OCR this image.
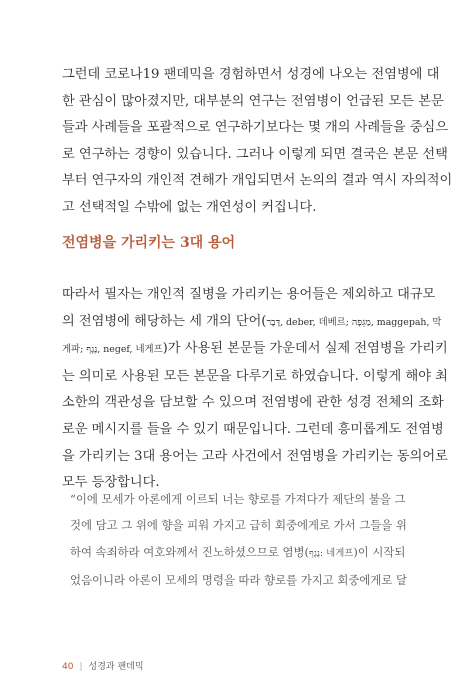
그런데 코로나19 팬데믹을 경험하면서 성경에 나오는 전염병에 대
한 관심이 많아졌지만, 대부분의 연구는 전염병이 언급된 모든 본문
들과 사례들을 포괄적으로 연구하기보다는 몇 개의 사례들을 중심으
로 연구하는 경향이 있습니다. 그러나 이렇게 되면 결국은 본문 선택
부터 연구자의 개인적 견해가 개입되면서 논의의 결과 역시 자의적이
고 선택적일 수밖에 없는 개연성이 커집니다.
전염병을 가리키는 3대 용어
따라서 필자는 개인적 질병을 가리키는 용어들은 제외하고 대규모
의 전염병에 해당하는 세 개의 단어(דֶּבֶר, deber, 데베르; מַגֵּפָה, maggepah, 막
게파; נֶגֶף, negef, 네게프)가 사용된 본문들 가운데서 실제 전염병을 가리키
는 의미로 사용된 모든 본문을 다루기로 하였습니다. 이렇게 해야 최
소한의 객관성을 담보할 수 있으며 전염병에 관한 성경 전체의 조화
로운 메시지를 들을 수 있기 때문입니다. 그런데 흥미롭게도 전염병
을 가리키는 3대 용어는 고라 사건에서 전염병을 가리키는 동의어로
모두 등장합니다.
“이에 모세가 아론에게 이르되 너는 향로를 가져다가 제단의 불을 그
것에 담고 그 위에 향을 피워 가지고 급히 회중에게로 가서 그들을 위
하여 속죄하라 여호와께서 진노하셨으므로 염병(נֶגֶף: 네게프)이 시작되
었음이니라 아론이 모세의 명령을 따라 향로를 가지고 회중에게로 달
40 | 성경과 팬데믹
